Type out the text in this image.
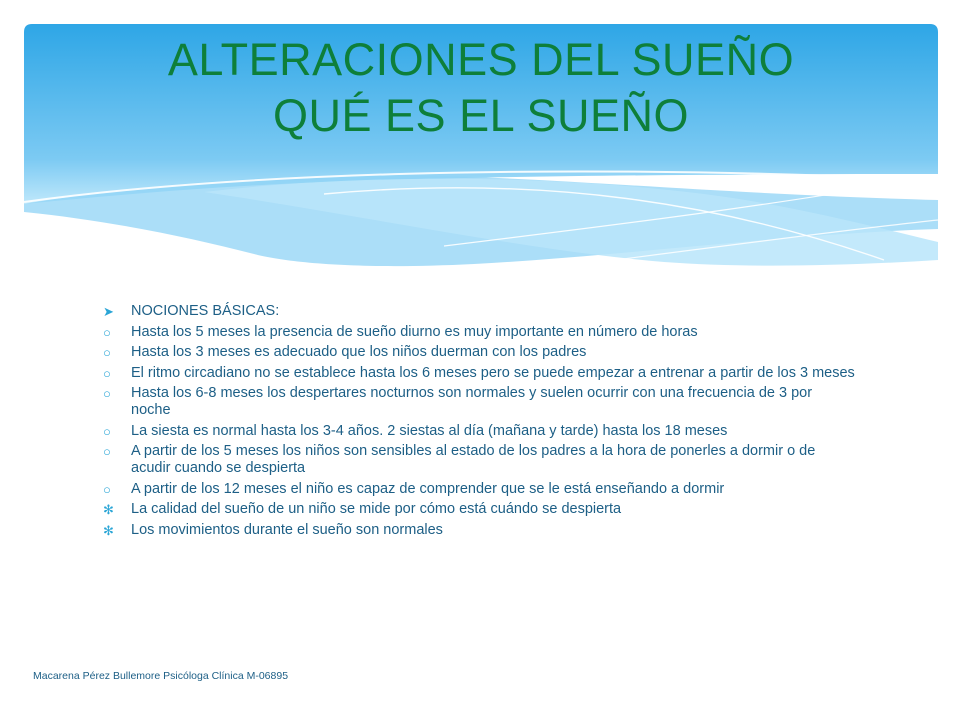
ALTERACIONES DEL SUEÑO
QUÉ ES EL SUEÑO
➤	NOCIONES BÁSICAS:
○	Hasta los 5 meses la presencia de sueño diurno es muy importante en número de horas
○	Hasta los 3 meses es adecuado que los niños duerman con los padres
○	El ritmo circadiano no se establece hasta los 6 meses pero se puede empezar a entrenar a partir de los 3 meses
○	Hasta los 6-8 meses los despertares nocturnos son normales y suelen ocurrir con una frecuencia de 3 por noche
○	La siesta es normal hasta los 3-4 años. 2 siestas al día (mañana y tarde) hasta los 18 meses
○	A partir de los 5 meses los niños son sensibles al estado de los padres a la hora de ponerles a dormir o de acudir cuando se despierta
○	A partir de los 12 meses el niño es capaz de comprender que se le está enseñando a dormir
✻	La calidad del sueño de un niño se mide por cómo está cuándo se despierta
✻	Los movimientos durante el sueño son normales
Macarena Pérez Bullemore Psicóloga Clínica M-06895
